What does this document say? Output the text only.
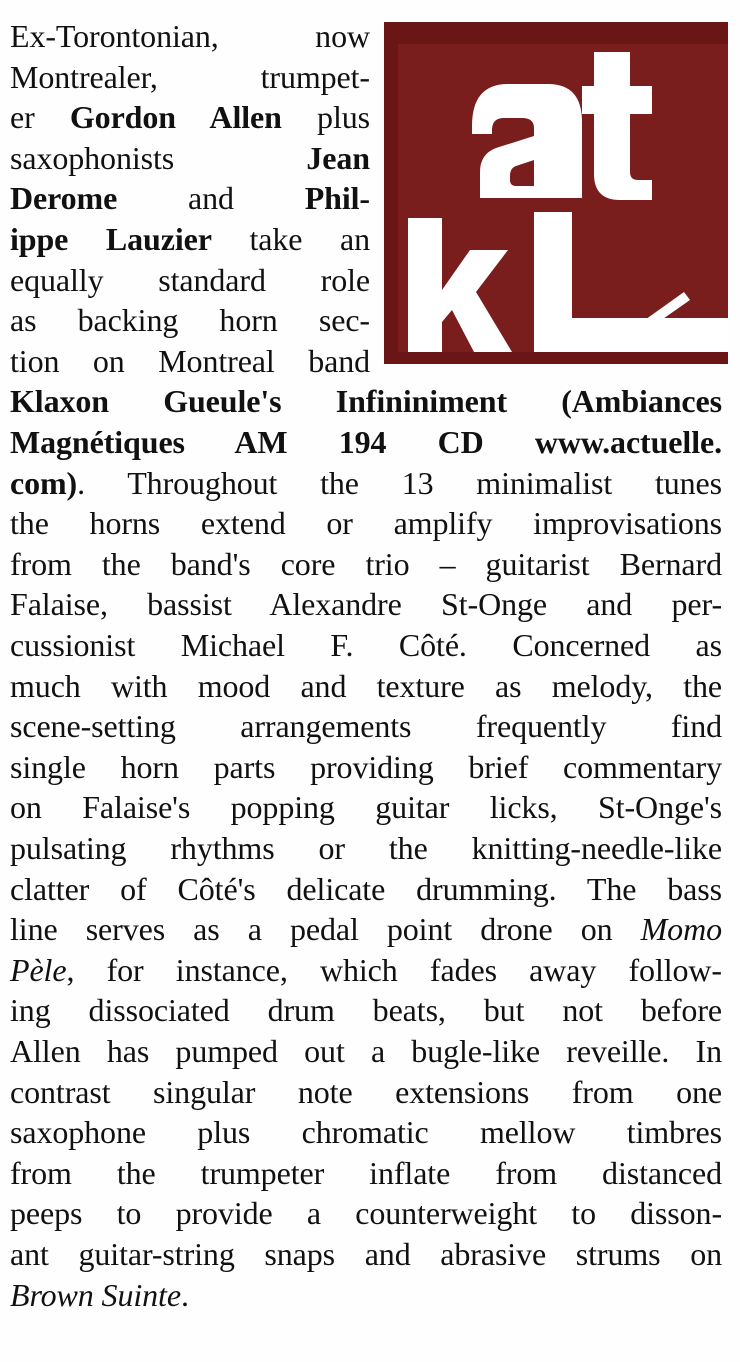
Ex-Torontonian, now
Montrealer, trumpet-
er Gordon Allen plus
saxophonists Jean
Derome and Phil-
ippe Lauzier take an
equally standard role
as backing horn sec-
tion on Montreal band
Klaxon Gueule's Infininiment (Ambiances
Magnétiques AM 194 CD www.actuelle.
com). Throughout the 13 minimalist tunes
the horns extend or amplify improvisations
from the band's core trio – guitarist Bernard
Falaise, bassist Alexandre St-Onge and per-
cussionist Michael F. Côté. Concerned as
much with mood and texture as melody, the
scene-setting arrangements frequently find
single horn parts providing brief commentary
on Falaise's popping guitar licks, St-Onge's
pulsating rhythms or the knitting-needle-like
clatter of Côté's delicate drumming. The bass
line serves as a pedal point drone on Momo
Pèle, for instance, which fades away follow-
ing dissociated drum beats, but not before
Allen has pumped out a bugle-like reveille. In
contrast singular note extensions from one
saxophone plus chromatic mellow timbres
from the trumpeter inflate from distanced
peeps to provide a counterweight to disson-
ant guitar-string snaps and abrasive strums on
Brown Suinte.
